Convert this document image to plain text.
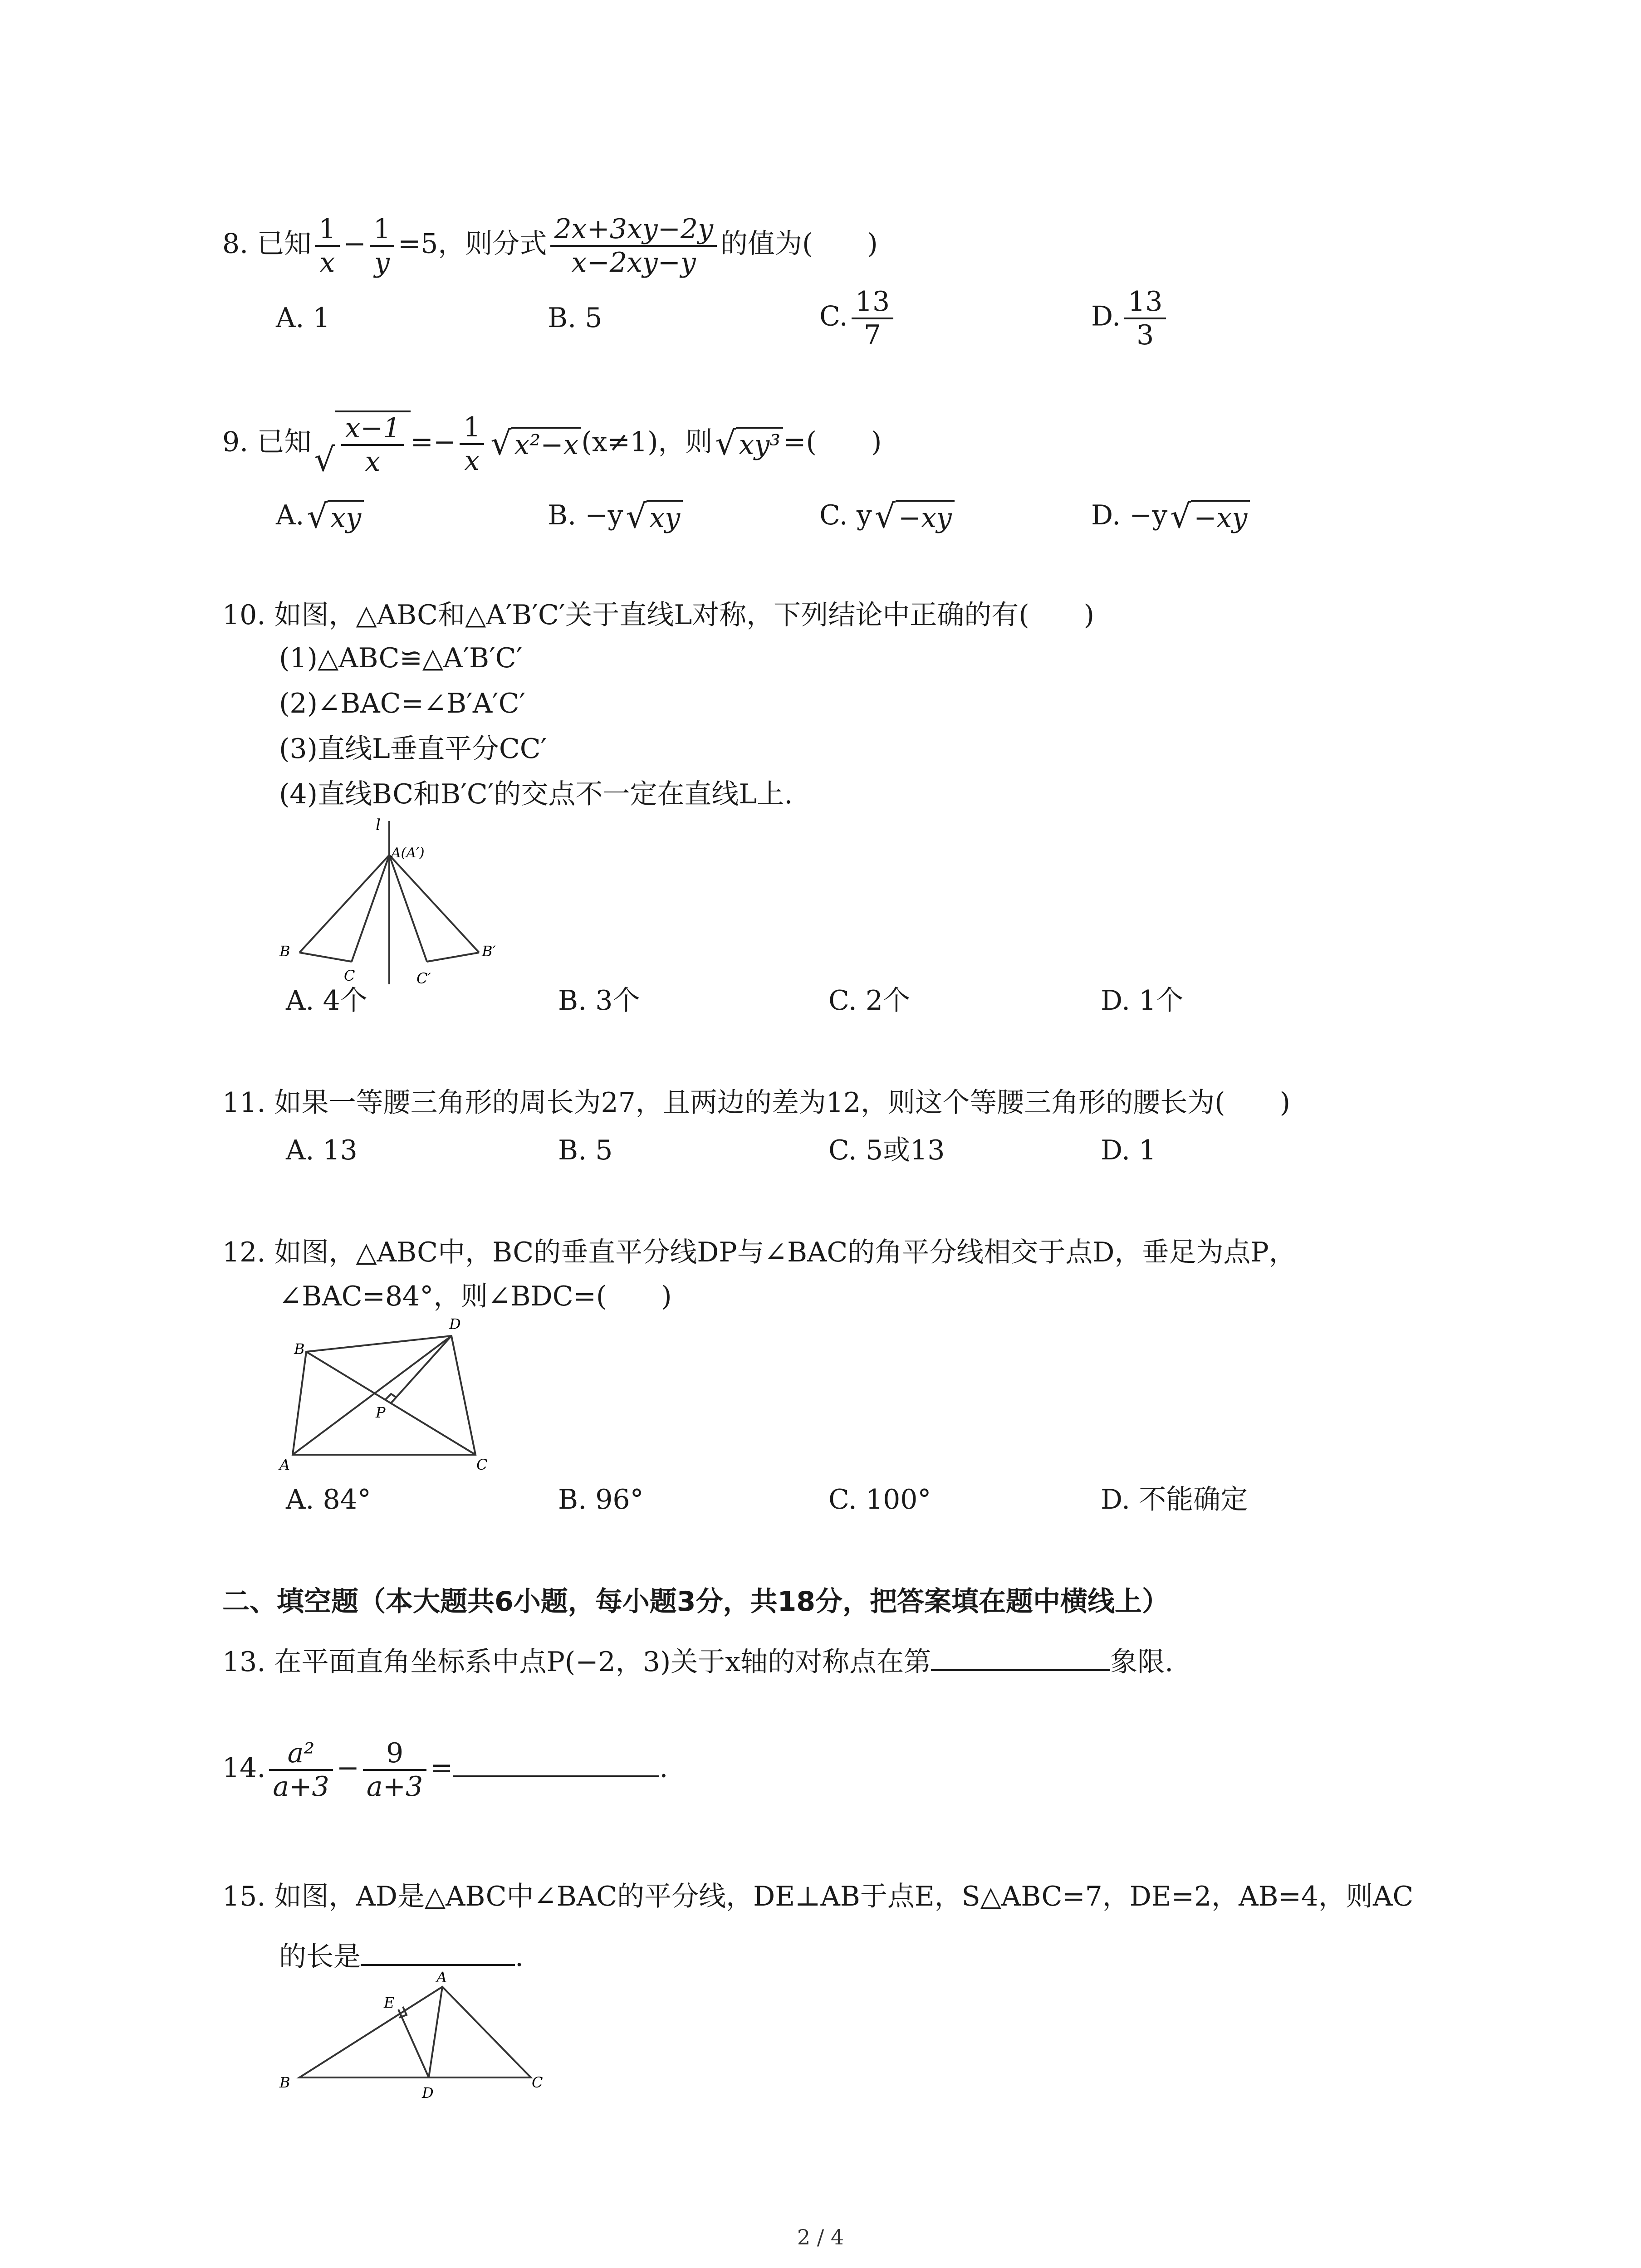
8. 已知 $\frac{1}{x} - \frac{1}{y} =5$，则分式 $\frac{2x+3xy-2y}{x-2xy-y}$ 的值为(　　)
A. 1	B. 5	C. $\frac{13}{7}$	D. $\frac{13}{3}$
9. 已知 √ $\frac{x-1}{x} =- \frac{1}{x}$ √ x²−x (x≠1)，则 √ xy³ =(　　)
A. √ xy	B. −y √ xy	C. y √ −xy	D. −y √ −xy
10. 如图，△ABC和△A′B′C′关于直线L对称，下列结论中正确的有(　　)
(1)△ABC≌△A′B′C′
(2)∠BAC=∠B′A′C′
(3)直线L垂直平分CC′
(4)直线BC和B′C′的交点不一定在直线L上.
l
A(A′)
B
C	C′
B′
A. 4个	B. 3个	C. 2个	D. 1个
11. 如果一等腰三角形的周长为27，且两边的差为12，则这个等腰三角形的腰长为(　　)
A. 13	B. 5	C. 5或13	D. 1
12. 如图，△ABC中，BC的垂直平分线DP与∠BAC的角平分线相交于点D，垂足为点P，
∠BAC=84°，则∠BDC=(　　)
B
D
P
A	C
A. 84°	B. 96°	C. 100°	D. 不能确定
二、填空题（本大题共6小题，每小题3分，共18分，把答案填在题中横线上）
13. 在平面直角坐标系中点P(−2，3)关于x轴的对称点在第	象限.
14. $\frac{\text{a²}}{a+3} - \frac{9}{a+3}$ =	.
15. 如图，AD是△ABC中∠BAC的平分线，DE⊥AB于点E，S△ABC=7，DE=2，AB=4，则AC
的长是	.
E
A
B
D
C
2 / 4
